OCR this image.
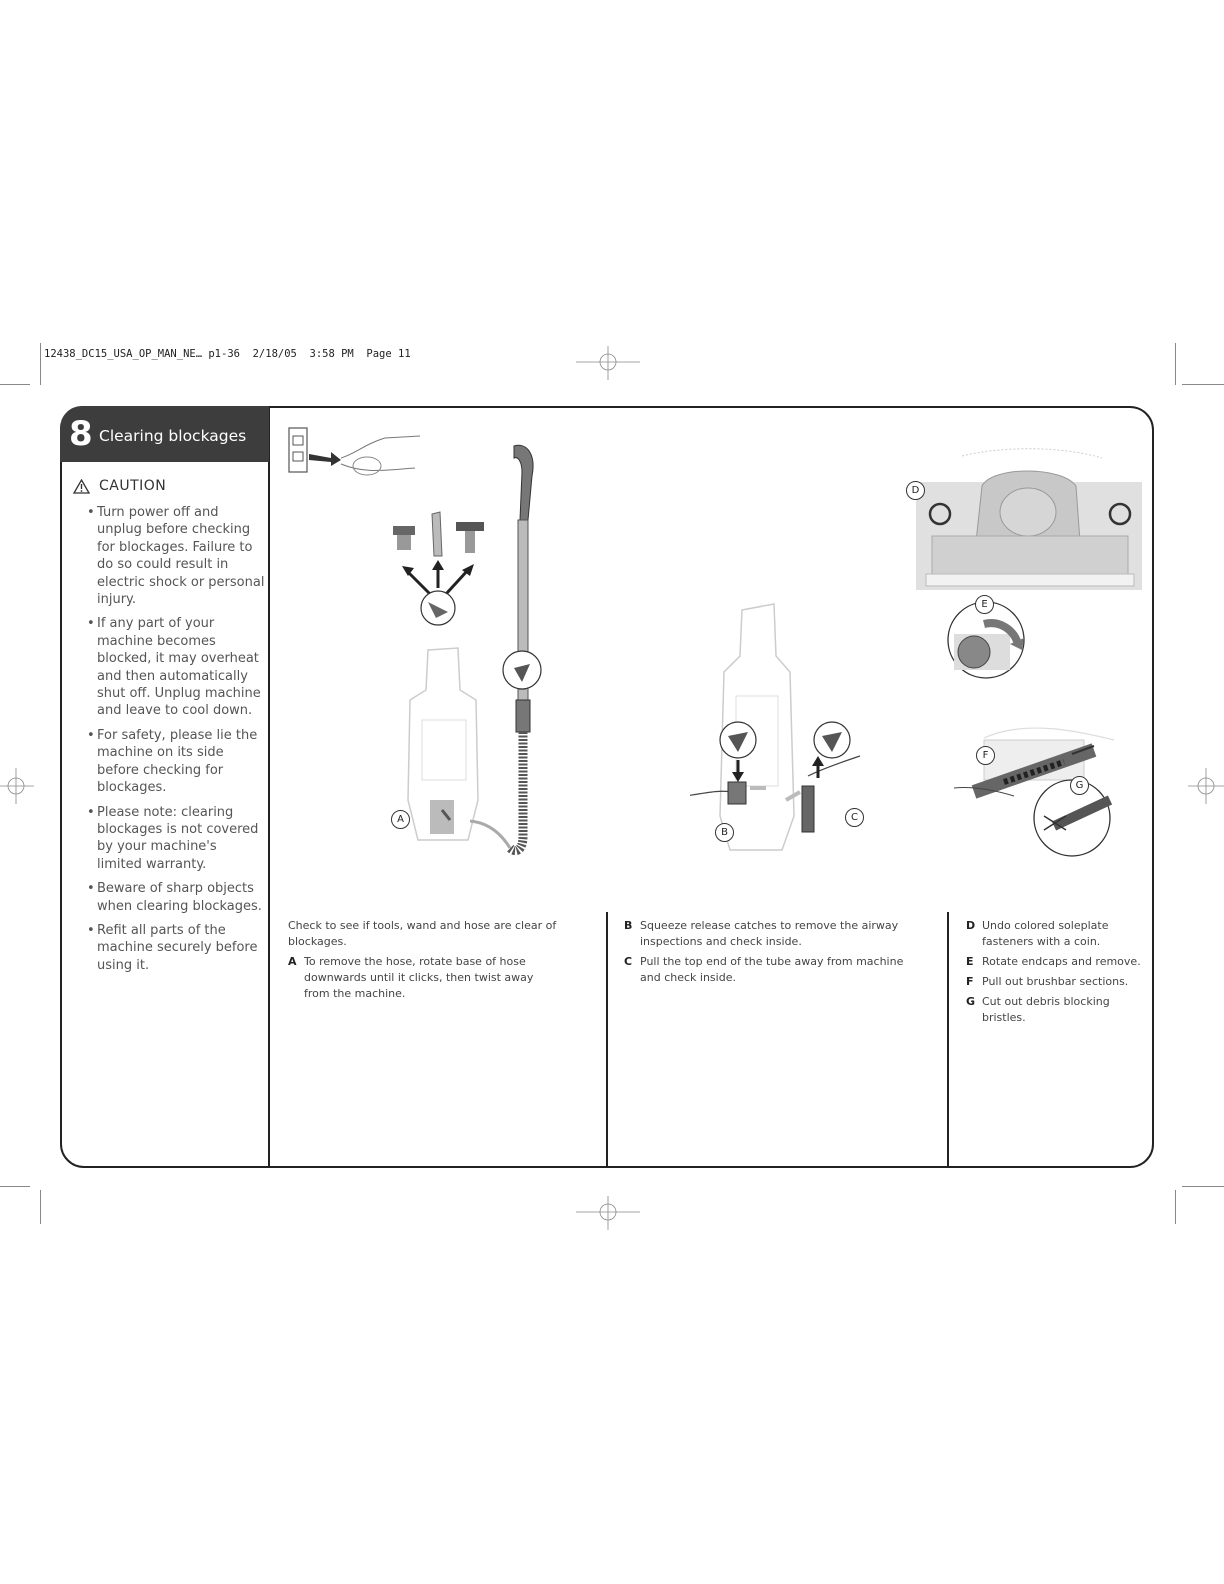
12438_DC15_USA_OP_MAN_NE… p1-36  2/18/05  3:58 PM  Page 11
8 Clearing blockages
CAUTION
• Turn power off and unplug before checking for blockages. Failure to do so could result in electric shock or personal injury.
• If any part of your machine becomes blocked, it may overheat and then automatically shut off. Unplug machine and leave to cool down.
• For safety, please lie the machine on its side before checking for blockages.
• Please note: clearing blockages is not covered by your machine's limited warranty.
• Beware of sharp objects when clearing blockages.
• Refit all parts of the machine securely before using it.
A
B
C
D
E
F
G
Check to see if tools, wand and hose are clear of blockages.
A To remove the hose, rotate base of hose downwards until it clicks, then twist away from the machine.
B Squeeze release catches to remove the airway inspections and check inside.
C Pull the top end of the tube away from machine and check inside.
D Undo colored soleplate fasteners with a coin.
E Rotate endcaps and remove.
F Pull out brushbar sections.
G Cut out debris blocking bristles.
